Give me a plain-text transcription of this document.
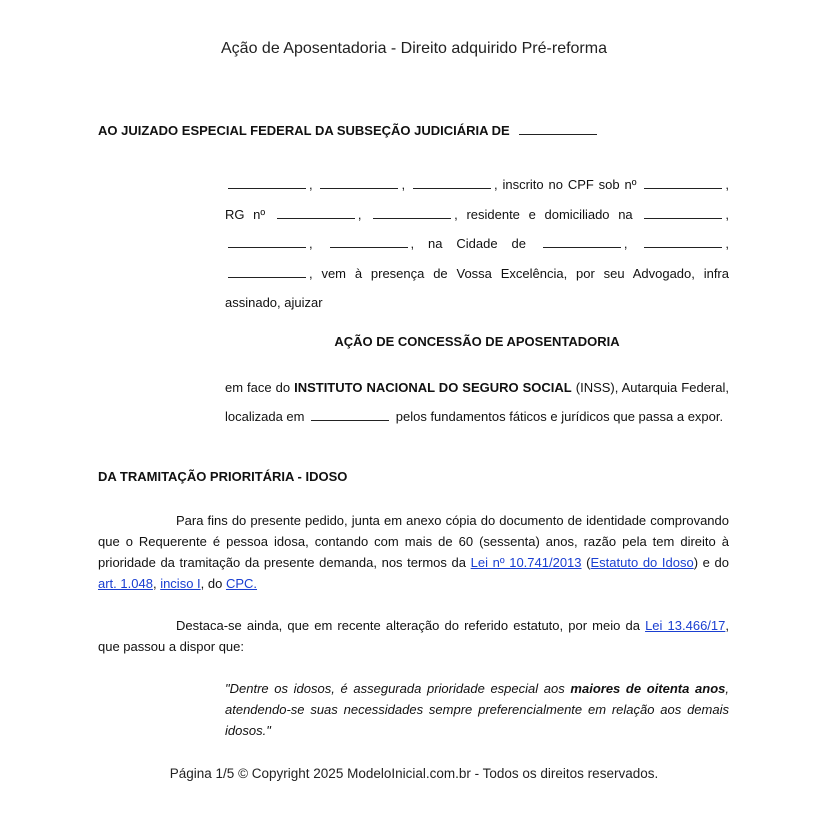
Ação de Aposentadoria - Direito adquirido Pré-reforma
AO JUIZADO ESPECIAL FEDERAL DA SUBSEÇÃO JUDICIÁRIA DE
,	,	, inscrito no CPF sob nº	, RG nº	,	, residente e domiciliado na	, ,	, na Cidade de	,	, , vem à presença de Vossa Excelência, por seu Advogado, infra assinado, ajuizar
AÇÃO DE CONCESSÃO DE APOSENTADORIA
em face do INSTITUTO NACIONAL DO SEGURO SOCIAL (INSS), Autarquia Federal, localizada em	pelos fundamentos fáticos e jurídicos que passa a expor.
DA TRAMITAÇÃO PRIORITÁRIA - IDOSO
Para fins do presente pedido, junta em anexo cópia do documento de identidade comprovando que o Requerente é pessoa idosa, contando com mais de 60 (sessenta) anos, razão pela tem direito à prioridade da tramitação da presente demanda, nos termos da Lei nº 10.741/2013 (Estatuto do Idoso) e do art. 1.048, inciso I, do CPC.
Destaca-se ainda, que em recente alteração do referido estatuto, por meio da Lei 13.466/17, que passou a dispor que:
"Dentre os idosos, é assegurada prioridade especial aos maiores de oitenta anos, atendendo-se suas necessidades sempre preferencialmente em relação aos demais idosos."
Página 1/5 © Copyright 2025 ModeloInicial.com.br - Todos os direitos reservados.
